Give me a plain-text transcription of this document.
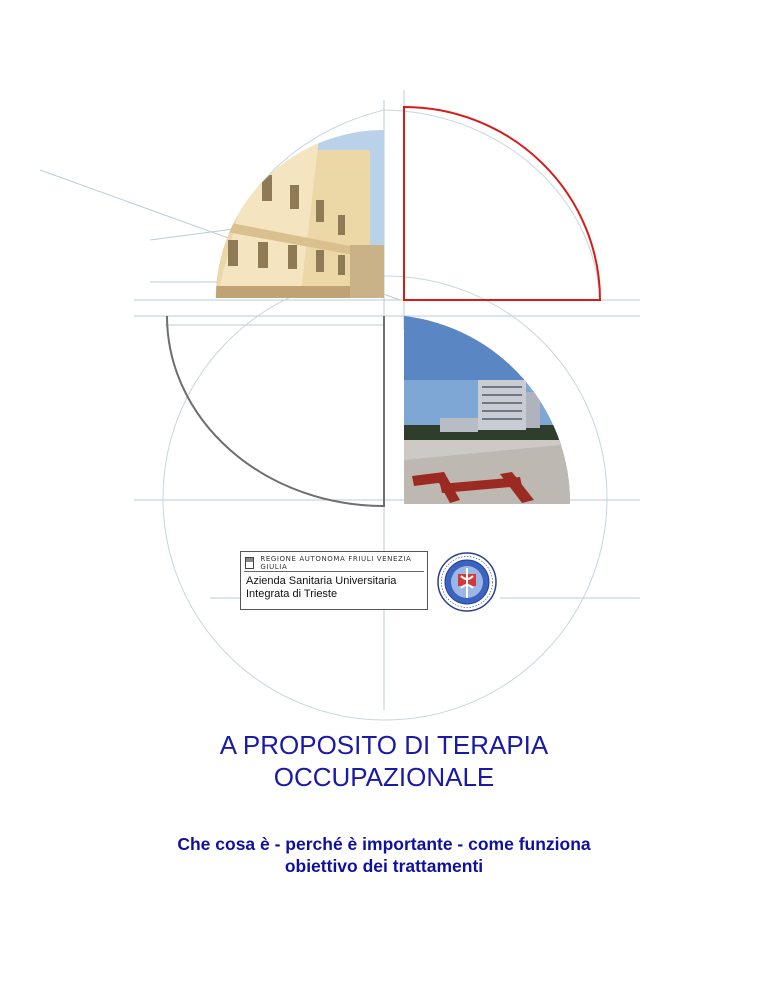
REGIONE AUTONOMA FRIULI VENEZIA GIULIA
Azienda Sanitaria Universitaria
Integrata di Trieste
A PROPOSITO DI TERAPIA
OCCUPAZIONALE
Che cosa è - perché è importante - come funziona
obiettivo dei trattamenti
